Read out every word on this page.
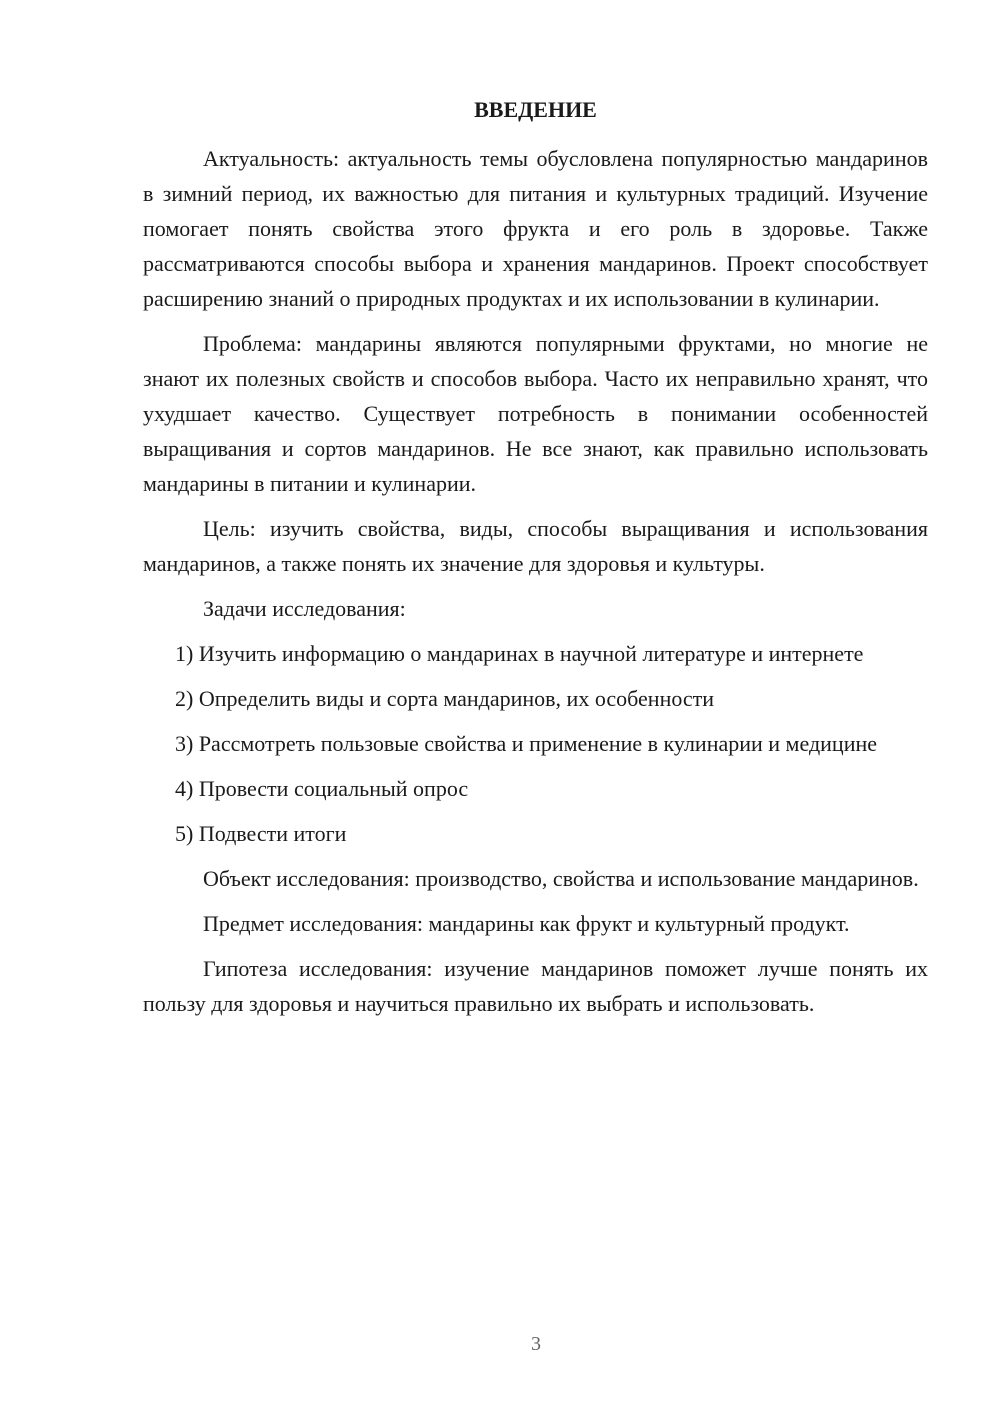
ВВЕДЕНИЕ

Актуальность: актуальность темы обусловлена популярностью мандаринов в зимний период, их важностью для питания и культурных традиций. Изучение помогает понять свойства этого фрукта и его роль в здоровье. Также рассматриваются способы выбора и хранения мандаринов. Проект способствует расширению знаний о природных продуктах и их использовании в кулинарии.

Проблема: мандарины являются популярными фруктами, но многие не знают их полезных свойств и способов выбора. Часто их неправильно хранят, что ухудшает качество. Существует потребность в понимании особенностей выращивания и сортов мандаринов. Не все знают, как правильно использовать мандарины в питании и кулинарии.

Цель: изучить свойства, виды, способы выращивания и использования мандаринов, а также понять их значение для здоровья и культуры.

Задачи исследования:

1) Изучить информацию о мандаринах в научной литературе и интернете

2) Определить виды и сорта мандаринов, их особенности

3) Рассмотреть пользовые свойства и применение в кулинарии и медицине

4) Провести социальный опрос

5) Подвести итоги

Объект исследования: производство, свойства и использование мандаринов.

Предмет исследования: мандарины как фрукт и культурный продукт.

Гипотеза исследования: изучение мандаринов поможет лучше понять их пользу для здоровья и научиться правильно их выбрать и использовать.

3
